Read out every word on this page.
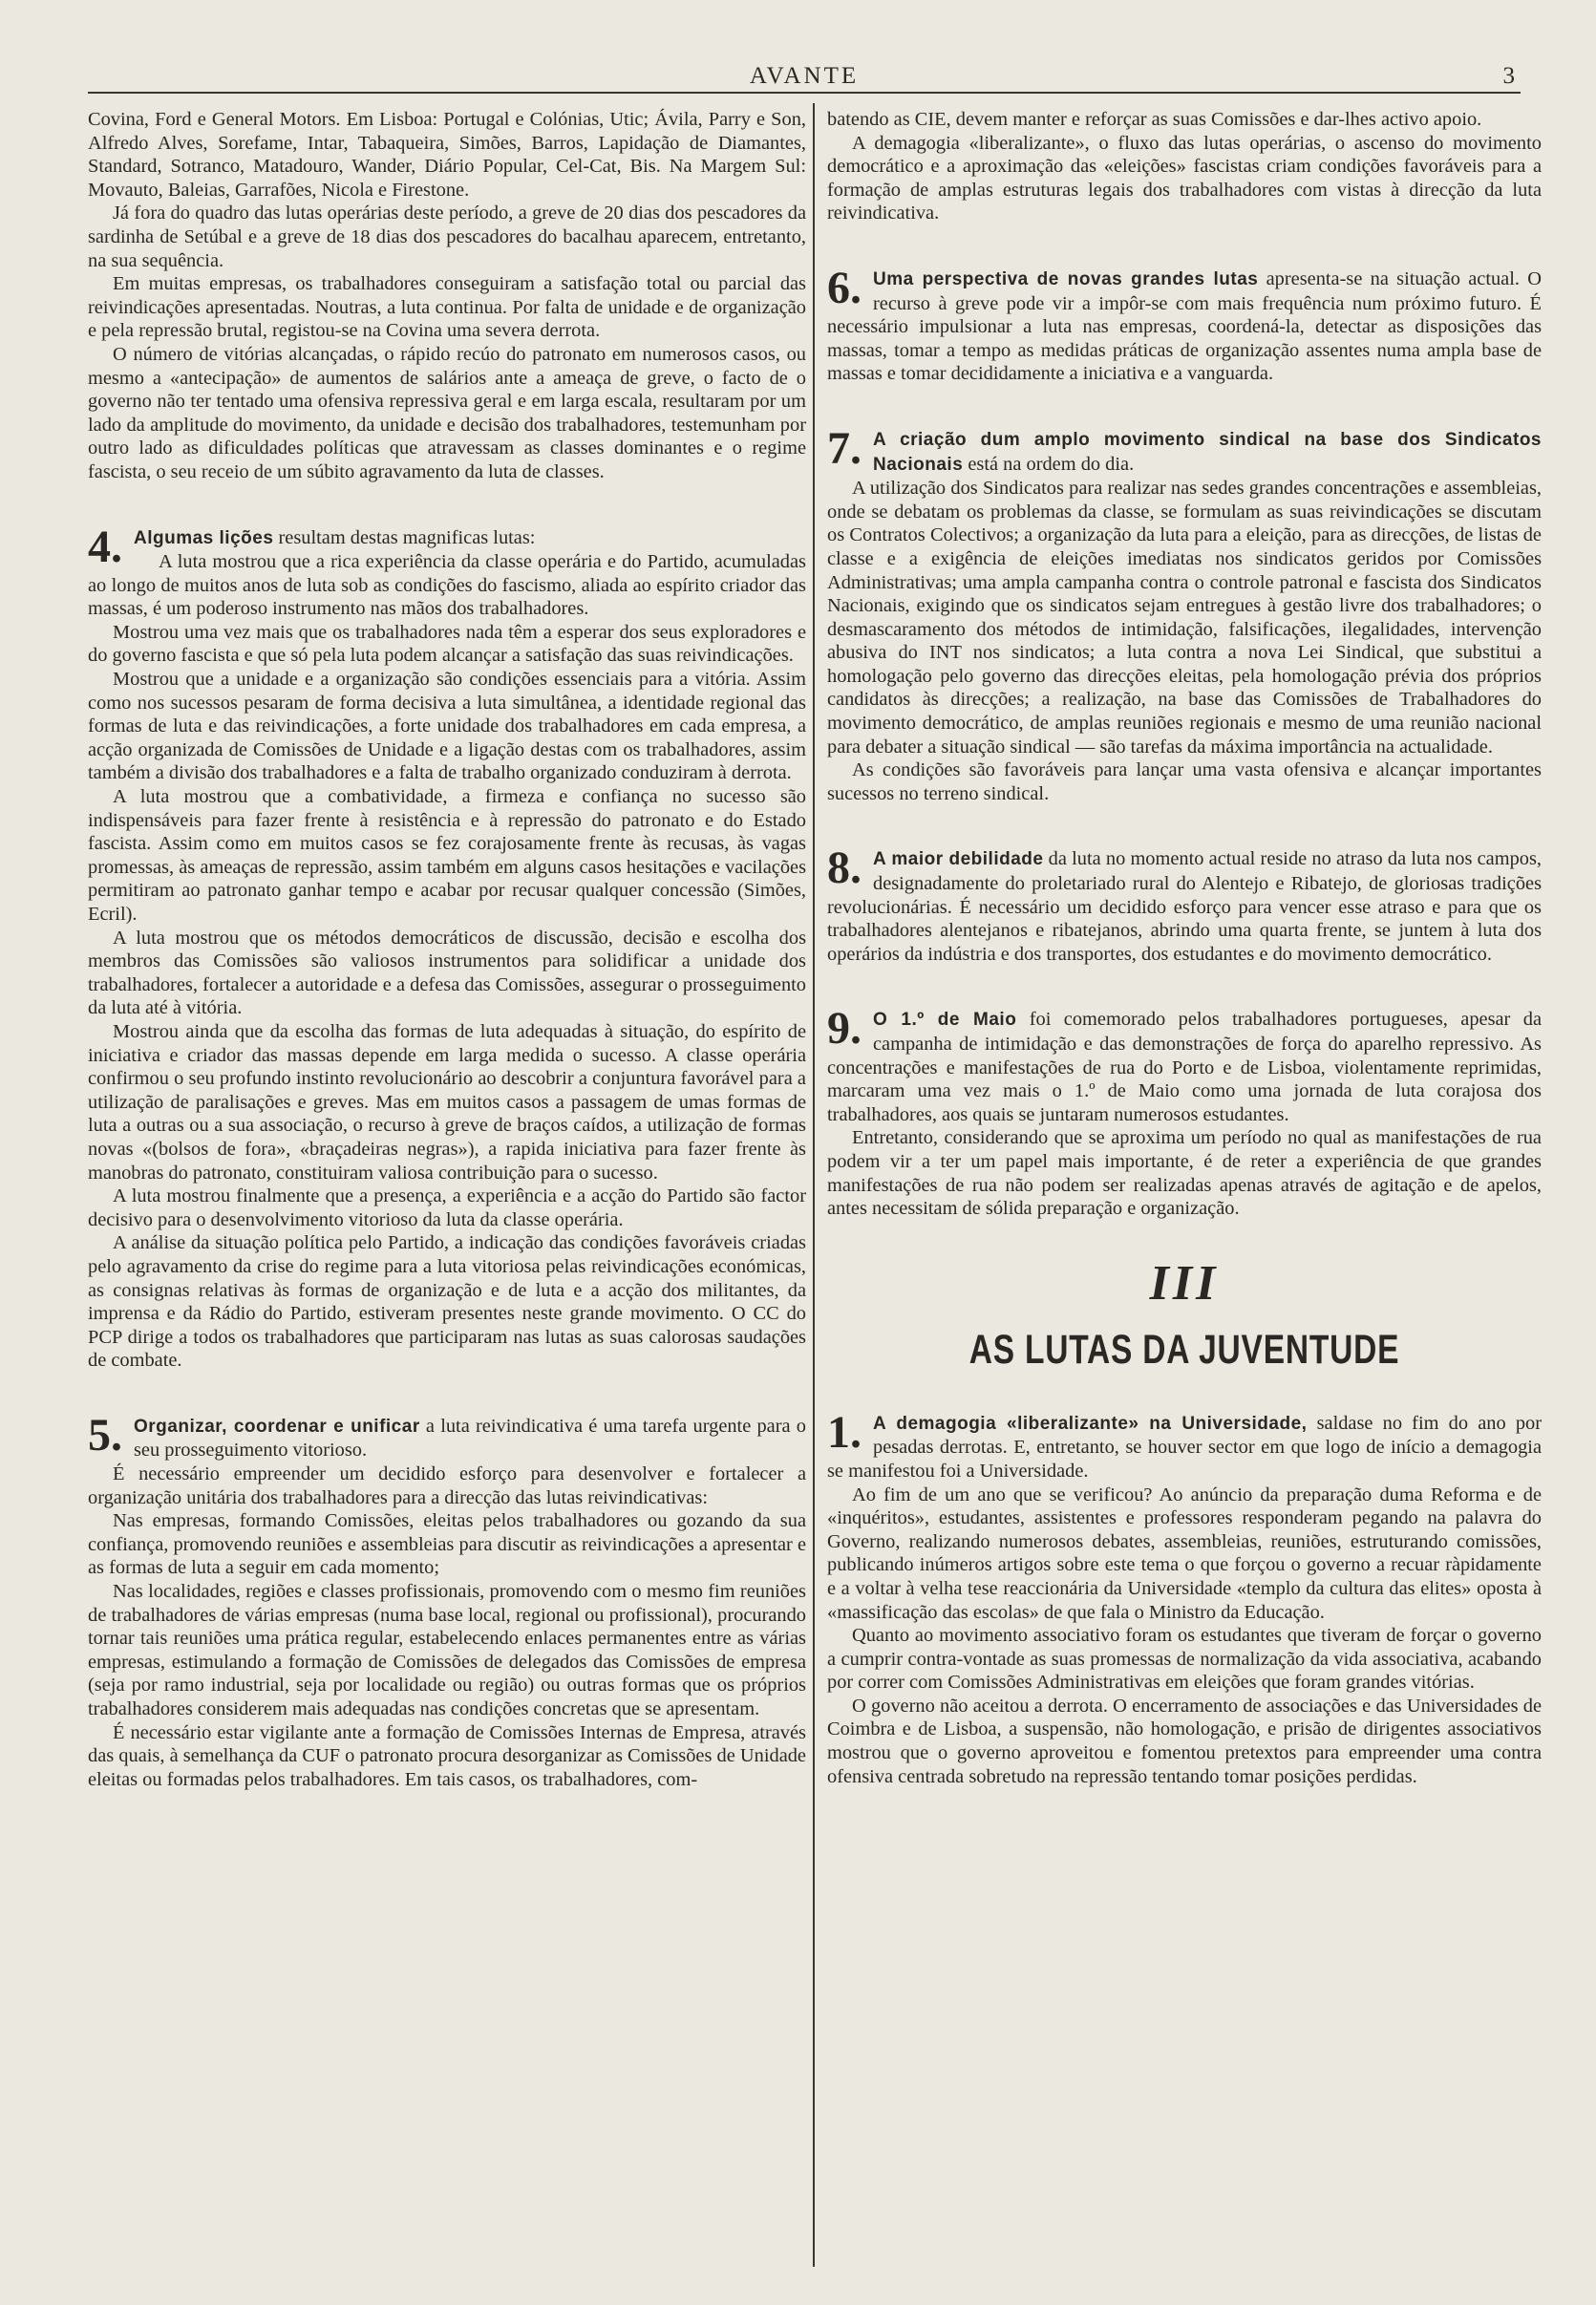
AVANTE	3

Covina, Ford e General Motors. Em Lisboa: Portugal e Colónias, Utic; Ávila, Parry e Son, Alfredo Alves, Sorefame, Intar, Tabaqueira, Simões, Barros, Lapidação de Diamantes, Standard, Sotranco, Matadouro, Wander, Diário Popular, Cel-Cat, Bis. Na Margem Sul: Movauto, Baleias, Garrafões, Nicola e Firestone.

Já fora do quadro das lutas operárias deste período, a greve de 20 dias dos pescadores da sardinha de Setúbal e a greve de 18 dias dos pescadores do bacalhau aparecem, entretanto, na sua sequência.

Em muitas empresas, os trabalhadores conseguiram a satisfação total ou parcial das reivindicações apresentadas. Noutras, a luta continua. Por falta de unidade e de organização e pela repressão brutal, registou-se na Covina uma severa derrota.

O número de vitórias alcançadas, o rápido recúo do patronato em numerosos casos, ou mesmo a «antecipação» de aumentos de salários ante a ameaça de greve, o facto de o governo não ter tentado uma ofensiva repressiva geral e em larga escala, resultaram por um lado da amplitude do movimento, da unidade e decisão dos trabalhadores, testemunham por outro lado as dificuldades políticas que atravessam as classes dominantes e o regime fascista, o seu receio de um súbito agravamento da luta de classes.

4. Algumas lições resultam destas magnificas lutas:

A luta mostrou que a rica experiência da classe operária e do Partido, acumuladas ao longo de muitos anos de luta sob as condições do fascismo, aliada ao espírito criador das massas, é um poderoso instrumento nas mãos dos trabalhadores.

Mostrou uma vez mais que os trabalhadores nada têm a esperar dos seus exploradores e do governo fascista e que só pela luta podem alcançar a satisfação das suas reivindicações.

Mostrou que a unidade e a organização são condições essenciais para a vitória. Assim como nos sucessos pesaram de forma decisiva a luta simultânea, a identidade regional das formas de luta e das reivindicações, a forte unidade dos trabalhadores em cada empresa, a acção organizada de Comissões de Unidade e a ligação destas com os trabalhadores, assim também a divisão dos trabalhadores e a falta de trabalho organizado conduziram à derrota.

A luta mostrou que a combatividade, a firmeza e confiança no sucesso são indispensáveis para fazer frente à resistência e à repressão do patronato e do Estado fascista. Assim como em muitos casos se fez corajosamente frente às recusas, às vagas promessas, às ameaças de repressão, assim também em alguns casos hesitações e vacilações permitiram ao patronato ganhar tempo e acabar por recusar qualquer concessão (Simões, Ecril).

A luta mostrou que os métodos democráticos de discussão, decisão e escolha dos membros das Comissões são valiosos instrumentos para solidificar a unidade dos trabalhadores, fortalecer a autoridade e a defesa das Comissões, assegurar o prosseguimento da luta até à vitória.

Mostrou ainda que da escolha das formas de luta adequadas à situação, do espírito de iniciativa e criador das massas depende em larga medida o sucesso. A classe operária confirmou o seu profundo instinto revolucionário ao descobrir a conjuntura favorável para a utilização de paralisações e greves. Mas em muitos casos a passagem de umas formas de luta a outras ou a sua associação, o recurso à greve de braços caídos, a utilização de formas novas «(bolsos de fora», «braçadeiras negras»), a rapida iniciativa para fazer frente às manobras do patronato, constituiram valiosa contribuição para o sucesso.

A luta mostrou finalmente que a presença, a experiência e a acção do Partido são factor decisivo para o desenvolvimento vitorioso da luta da classe operária.

A análise da situação política pelo Partido, a indicação das condições favoráveis criadas pelo agravamento da crise do regime para a luta vitoriosa pelas reivindicações económicas, as consignas relativas às formas de organização e de luta e a acção dos militantes, da imprensa e da Rádio do Partido, estiveram presentes neste grande movimento. O CC do PCP dirige a todos os trabalhadores que participaram nas lutas as suas calorosas saudações de combate.

5. Organizar, coordenar e unificar a luta reivindicativa é uma tarefa urgente para o seu prosseguimento vitorioso.

É necessário empreender um decidido esforço para desenvolver e fortalecer a organização unitária dos trabalhadores para a direcção das lutas reivindicativas:

Nas empresas, formando Comissões, eleitas pelos trabalhadores ou gozando da sua confiança, promovendo reuniões e assembleias para discutir as reivindicações a apresentar e as formas de luta a seguir em cada momento;

Nas localidades, regiões e classes profissionais, promovendo com o mesmo fim reuniões de trabalhadores de várias empresas (numa base local, regional ou profissional), procurando tornar tais reuniões uma prática regular, estabelecendo enlaces permanentes entre as várias empresas, estimulando a formação de Comissões de delegados das Comissões de empresa (seja por ramo industrial, seja por localidade ou região) ou outras formas que os próprios trabalhadores considerem mais adequadas nas condições concretas que se apresentam.

É necessário estar vigilante ante a formação de Comissões Internas de Empresa, através das quais, à semelhança da CUF o patronato procura desorganizar as Comissões de Unidade eleitas ou formadas pelos trabalhadores. Em tais casos, os trabalhadores, com-

batendo as CIE, devem manter e reforçar as suas Comissões e dar-lhes activo apoio.

A demagogia «liberalizante», o fluxo das lutas operárias, o ascenso do movimento democrático e a aproximação das «eleições» fascistas criam condições favoráveis para a formação de amplas estruturas legais dos trabalhadores com vistas à direcção da luta reivindicativa.

6. Uma perspectiva de novas grandes lutas apresenta-se na situação actual. O recurso à greve pode vir a impôr-se com mais frequência num próximo futuro. É necessário impulsionar a luta nas empresas, coordená-la, detectar as disposições das massas, tomar a tempo as medidas práticas de organização assentes numa ampla base de massas e tomar decididamente a iniciativa e a vanguarda.

7. A criação dum amplo movimento sindical na base dos Sindicatos Nacionais está na ordem do dia.

A utilização dos Sindicatos para realizar nas sedes grandes concentrações e assembleias, onde se debatam os problemas da classe, se formulam as suas reivindicações se discutam os Contratos Colectivos; a organização da luta para a eleição, para as direcções, de listas de classe e a exigência de eleições imediatas nos sindicatos geridos por Comissões Administrativas; uma ampla campanha contra o controle patronal e fascista dos Sindicatos Nacionais, exigindo que os sindicatos sejam entregues à gestão livre dos trabalhadores; o desmascaramento dos métodos de intimidação, falsificações, ilegalidades, intervenção abusiva do INT nos sindicatos; a luta contra a nova Lei Sindical, que substitui a homologação pelo governo das direcções eleitas, pela homologação prévia dos próprios candidatos às direcções; a realização, na base das Comissões de Trabalhadores do movimento democrático, de amplas reuniões regionais e mesmo de uma reunião nacional para debater a situação sindical — são tarefas da máxima importância na actualidade.

As condições são favoráveis para lançar uma vasta ofensiva e alcançar importantes sucessos no terreno sindical.

8. A maior debilidade da luta no momento actual reside no atraso da luta nos campos, designadamente do proletariado rural do Alentejo e Ribatejo, de gloriosas tradições revolucionárias. É necessário um decidido esforço para vencer esse atraso e para que os trabalhadores alentejanos e ribatejanos, abrindo uma quarta frente, se juntem à luta dos operários da indústria e dos transportes, dos estudantes e do movimento democrático.

9. O 1.º de Maio foi comemorado pelos trabalhadores portugueses, apesar da campanha de intimidação e das demonstrações de força do aparelho repressivo. As concentrações e manifestações de rua do Porto e de Lisboa, violentamente reprimidas, marcaram uma vez mais o 1.º de Maio como uma jornada de luta corajosa dos trabalhadores, aos quais se juntaram numerosos estudantes.

Entretanto, considerando que se aproxima um período no qual as manifestações de rua podem vir a ter um papel mais importante, é de reter a experiência de que grandes manifestações de rua não podem ser realizadas apenas através de agitação e de apelos, antes necessitam de sólida preparação e organização.

III
AS LUTAS DA JUVENTUDE

1. A demagogia «liberalizante» na Universidade, saldase no fim do ano por pesadas derrotas. E, entretanto, se houver sector em que logo de início a demagogia se manifestou foi a Universidade.

Ao fim de um ano que se verificou? Ao anúncio da preparação duma Reforma e de «inquéritos», estudantes, assistentes e professores responderam pegando na palavra do Governo, realizando numerosos debates, assembleias, reuniões, estruturando comissões, publicando inúmeros artigos sobre este tema o que forçou o governo a recuar ràpidamente e a voltar à velha tese reaccionária da Universidade «templo da cultura das elites» oposta à «massificação das escolas» de que fala o Ministro da Educação.

Quanto ao movimento associativo foram os estudantes que tiveram de forçar o governo a cumprir contra-vontade as suas promessas de normalização da vida associativa, acabando por correr com Comissões Administrativas em eleições que foram grandes vitórias.

O governo não aceitou a derrota. O encerramento de associações e das Universidades de Coimbra e de Lisboa, a suspensão, não homologação, e prisão de dirigentes associativos mostrou que o governo aproveitou e fomentou pretextos para empreender uma contra ofensiva centrada sobretudo na repressão tentando tomar posições perdidas.
